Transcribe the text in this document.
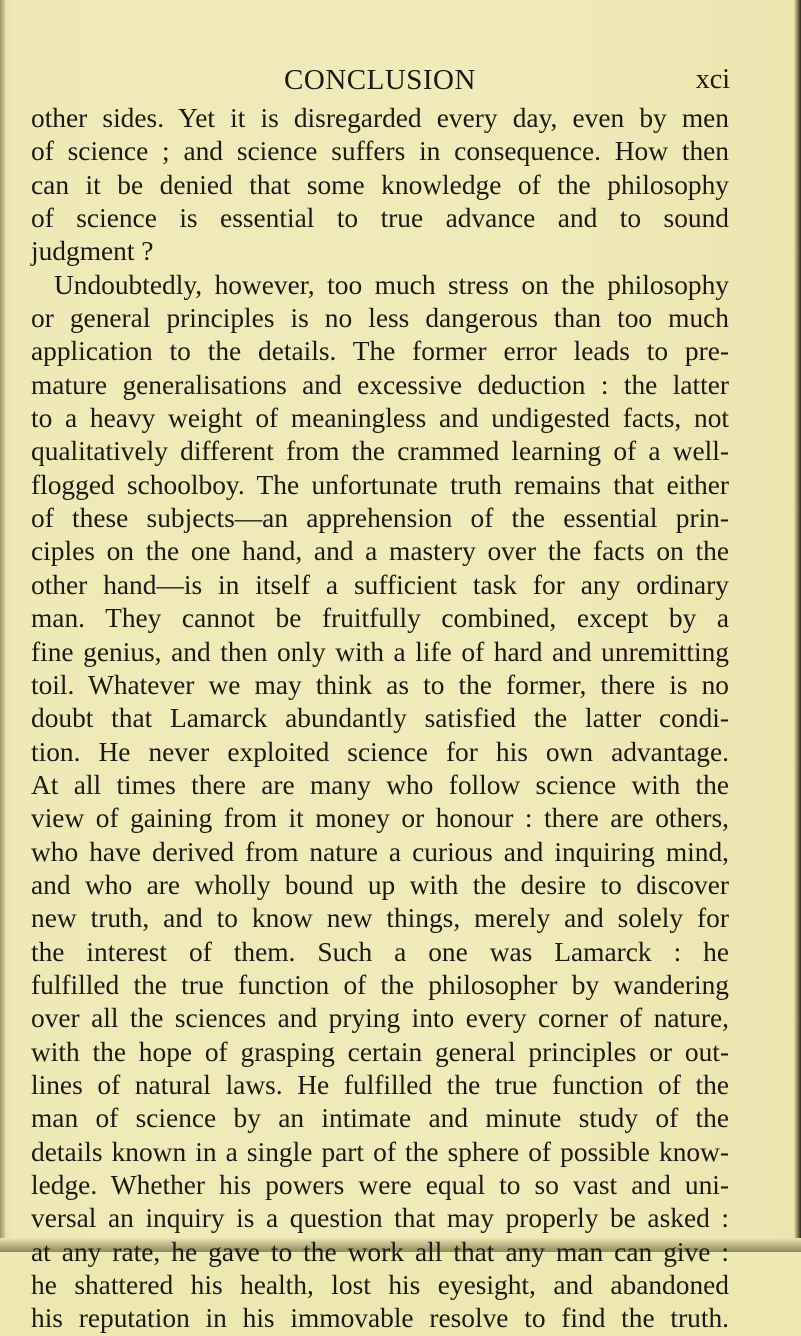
CONCLUSION	xci
other sides. Yet it is disregarded every day, even by men
of science ; and science suffers in consequence. How then
can it be denied that some knowledge of the philosophy
of science is essential to true advance and to sound
judgment ?
Undoubtedly, however, too much stress on the philosophy
or general principles is no less dangerous than too much
application to the details. The former error leads to pre-
mature generalisations and excessive deduction : the latter
to a heavy weight of meaningless and undigested facts, not
qualitatively different from the crammed learning of a well-
flogged schoolboy. The unfortunate truth remains that either
of these subjects—an apprehension of the essential prin-
ciples on the one hand, and a mastery over the facts on the
other hand—is in itself a sufficient task for any ordinary
man. They cannot be fruitfully combined, except by a
fine genius, and then only with a life of hard and unremitting
toil. Whatever we may think as to the former, there is no
doubt that Lamarck abundantly satisfied the latter condi-
tion. He never exploited science for his own advantage.
At all times there are many who follow science with the
view of gaining from it money or honour : there are others,
who have derived from nature a curious and inquiring mind,
and who are wholly bound up with the desire to discover
new truth, and to know new things, merely and solely for
the interest of them. Such a one was Lamarck : he
fulfilled the true function of the philosopher by wandering
over all the sciences and prying into every corner of nature,
with the hope of grasping certain general principles or out-
lines of natural laws. He fulfilled the true function of the
man of science by an intimate and minute study of the
details known in a single part of the sphere of possible know-
ledge. Whether his powers were equal to so vast and uni-
versal an inquiry is a question that may properly be asked :
at any rate, he gave to the work all that any man can give :
he shattered his health, lost his eyesight, and abandoned
his reputation in his immovable resolve to find the truth.
